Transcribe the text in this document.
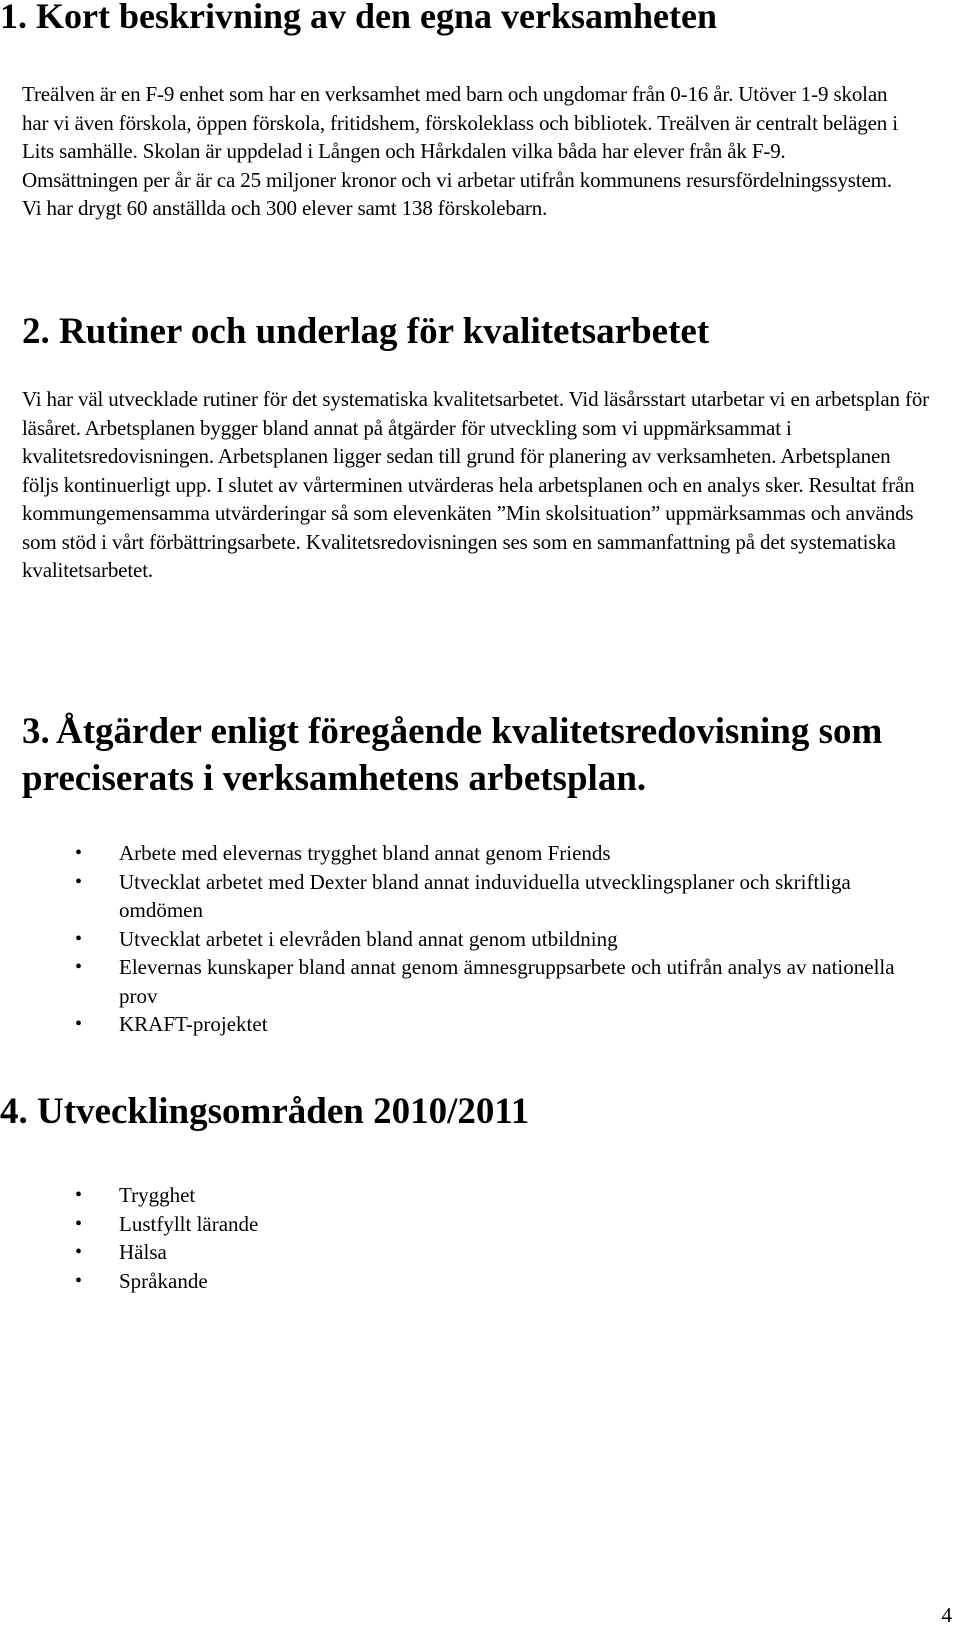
1. Kort beskrivning av den egna verksamheten

Treälven är en F-9 enhet som har en verksamhet med barn och ungdomar från 0-16 år. Utöver 1-9 skolan har vi även förskola, öppen förskola, fritidshem, förskoleklass och bibliotek. Treälven är centralt belägen i Lits samhälle. Skolan är uppdelad i Lången och Hårkdalen vilka båda har elever från åk F-9. Omsättningen per år är ca 25 miljoner kronor och vi arbetar utifrån kommunens resursfördelningssystem. Vi har drygt 60 anställda och 300 elever samt 138 förskolebarn.

2. Rutiner och underlag för kvalitetsarbetet

Vi har väl utvecklade rutiner för det systematiska kvalitetsarbetet. Vid läsårsstart utarbetar vi en arbetsplan för läsåret. Arbetsplanen bygger bland annat på åtgärder för utveckling som vi uppmärksammat i kvalitetsredovisningen. Arbetsplanen ligger sedan till grund för planering av verksamheten. Arbetsplanen följs kontinuerligt upp. I slutet av vårterminen utvärderas hela arbetsplanen och en analys sker. Resultat från kommungemensamma utvärderingar så som elevenkäten ”Min skolsituation” uppmärksammas och används som stöd i vårt förbättringsarbete. Kvalitetsredovisningen ses som en sammanfattning på det systematiska kvalitetsarbetet.

3. Åtgärder enligt föregående kvalitetsredovisning som preciserats i verksamhetens arbetsplan.
• Arbete med elevernas trygghet bland annat genom Friends
• Utvecklat arbetet med Dexter bland annat induviduella utvecklingsplaner och skriftliga omdömen
• Utvecklat arbetet i elevråden bland annat genom utbildning
• Elevernas kunskaper bland annat genom ämnesgruppsarbete och utifrån analys av nationella prov
• KRAFT-projektet
4. Utvecklingsområden 2010/2011
• Trygghet
• Lustfyllt lärande
• Hälsa
• Språkande
4
